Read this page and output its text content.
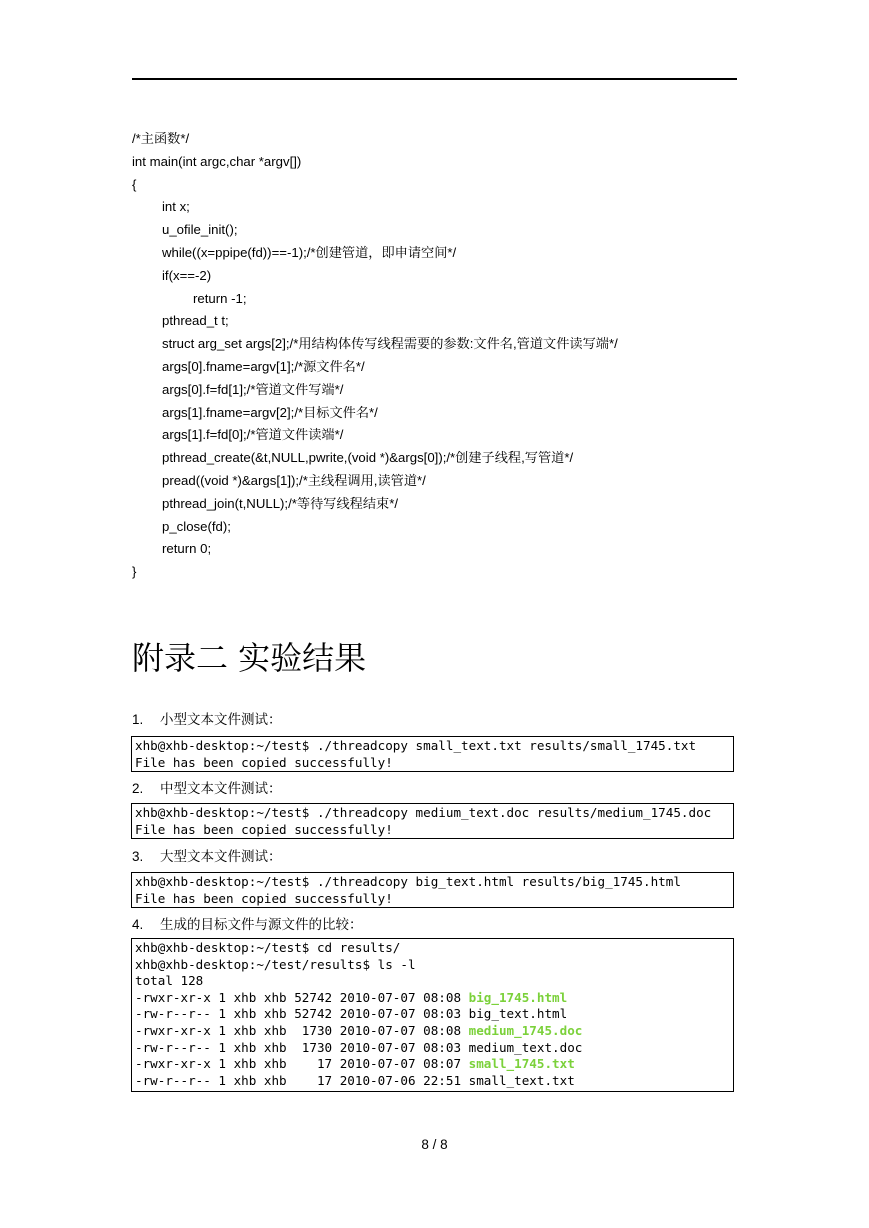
/*主函数*/
int main(int argc,char *argv[])
{
int x;
u_ofile_init();
while((x=ppipe(fd))==-1);/*创建管道，即申请空间*/
if(x==-2)
return -1;
pthread_t t;
struct arg_set args[2];/*用结构体传写线程需要的参数:文件名,管道文件读写端*/
args[0].fname=argv[1];/*源文件名*/
args[0].f=fd[1];/*管道文件写端*/
args[1].fname=argv[2];/*目标文件名*/
args[1].f=fd[0];/*管道文件读端*/
pthread_create(&t,NULL,pwrite,(void *)&args[0]);/*创建子线程,写管道*/
pread((void *)&args[1]);/*主线程调用,读管道*/
pthread_join(t,NULL);/*等待写线程结束*/
p_close(fd);
return 0;
}
附录二 实验结果
1. 小型文本文件测试：
xhb@xhb-desktop:~/test$ ./threadcopy small_text.txt results/small_1745.txt
File has been copied successfully!
2. 中型文本文件测试：
xhb@xhb-desktop:~/test$ ./threadcopy medium_text.doc results/medium_1745.doc
File has been copied successfully!
3. 大型文本文件测试：
xhb@xhb-desktop:~/test$ ./threadcopy big_text.html results/big_1745.html
File has been copied successfully!
4. 生成的目标文件与源文件的比较：
xhb@xhb-desktop:~/test$ cd results/
xhb@xhb-desktop:~/test/results$ ls -l
total 128
-rwxr-xr-x 1 xhb xhb 52742 2010-07-07 08:08 big_1745.html
-rw-r--r-- 1 xhb xhb 52742 2010-07-07 08:03 big_text.html
-rwxr-xr-x 1 xhb xhb  1730 2010-07-07 08:08 medium_1745.doc
-rw-r--r-- 1 xhb xhb  1730 2010-07-07 08:03 medium_text.doc
-rwxr-xr-x 1 xhb xhb    17 2010-07-07 08:07 small_1745.txt
-rw-r--r-- 1 xhb xhb    17 2010-07-06 22:51 small_text.txt
8 / 8
